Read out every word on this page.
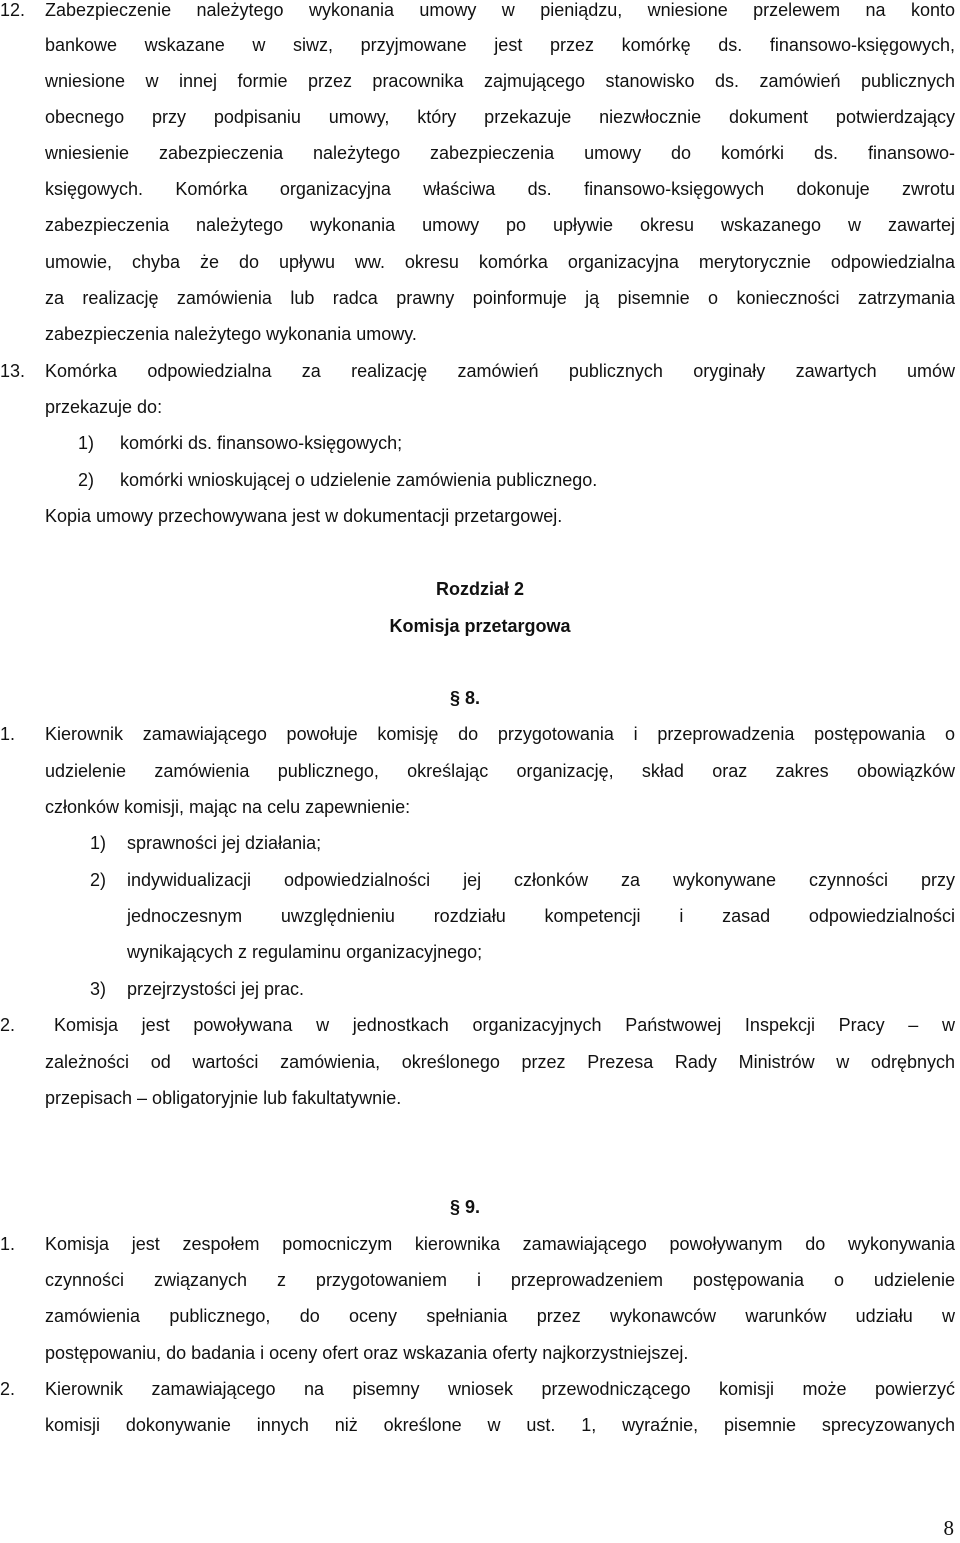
12. Zabezpieczenie należytego wykonania umowy w pieniądzu, wniesione przelewem na konto
bankowe wskazane w siwz, przyjmowane jest przez komórkę ds. finansowo-księgowych,
wniesione w innej formie przez pracownika zajmującego stanowisko ds. zamówień publicznych
obecnego przy podpisaniu umowy, który przekazuje niezwłocznie dokument potwierdzający
wniesienie zabezpieczenia należytego zabezpieczenia umowy do komórki ds. finansowo-
księgowych. Komórka organizacyjna właściwa ds. finansowo-księgowych dokonuje zwrotu
zabezpieczenia należytego wykonania umowy po upływie okresu wskazanego w zawartej
umowie, chyba że do upływu ww. okresu komórka organizacyjna merytorycznie odpowiedzialna
za realizację zamówienia lub radca prawny poinformuje ją pisemnie o konieczności zatrzymania
zabezpieczenia należytego wykonania umowy.
13. Komórka odpowiedzialna za realizację zamówień publicznych oryginały zawartych umów
przekazuje do:
1) komórki ds. finansowo-księgowych;
2) komórki wnioskującej o udzielenie zamówienia publicznego.
Kopia umowy przechowywana jest w dokumentacji przetargowej.
Rozdział 2
Komisja przetargowa
§ 8.
1. Kierownik zamawiającego powołuje komisję do przygotowania i przeprowadzenia postępowania o
udzielenie zamówienia publicznego, określając organizację, skład oraz zakres obowiązków
członków komisji, mając na celu zapewnienie:
1) sprawności jej działania;
2) indywidualizacji odpowiedzialności jej członków za wykonywane czynności przy
jednoczesnym uwzględnieniu rozdziału kompetencji i zasad odpowiedzialności
wynikających z regulaminu organizacyjnego;
3) przejrzystości jej prac.
2. Komisja jest powoływana w jednostkach organizacyjnych Państwowej Inspekcji Pracy – w
zależności od wartości zamówienia, określonego przez Prezesa Rady Ministrów w odrębnych
przepisach – obligatoryjnie lub fakultatywnie.
§ 9.
1. Komisja jest zespołem pomocniczym kierownika zamawiającego powoływanym do wykonywania
czynności związanych z przygotowaniem i przeprowadzeniem postępowania o udzielenie
zamówienia publicznego, do oceny spełniania przez wykonawców warunków udziału w
postępowaniu, do badania i oceny ofert oraz wskazania oferty najkorzystniejszej.
2. Kierownik zamawiającego na pisemny wniosek przewodniczącego komisji może powierzyć
komisji dokonywanie innych niż określone w ust. 1, wyraźnie, pisemnie sprecyzowanych
8
